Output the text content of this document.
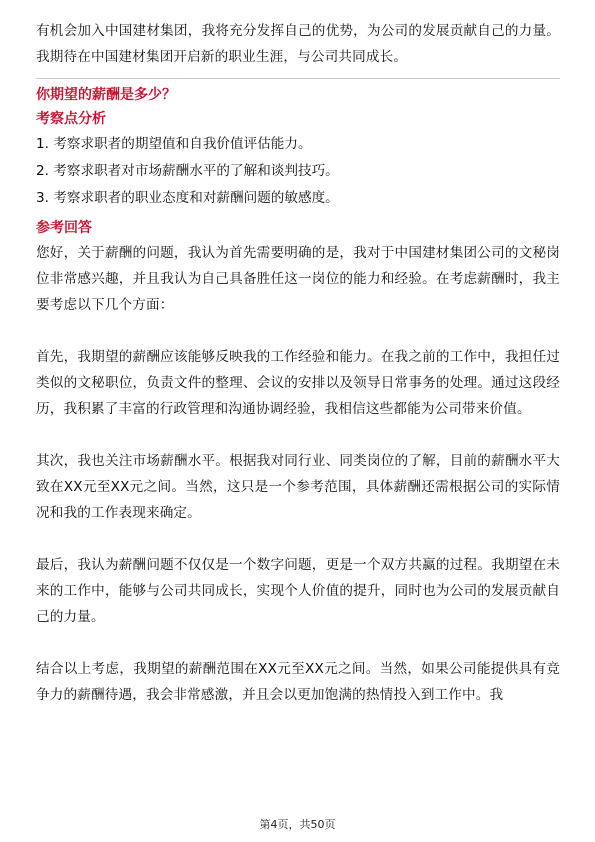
有机会加入中国建材集团，我将充分发挥自己的优势，为公司的发展贡献自己的力量。我期待在中国建材集团开启新的职业生涯，与公司共同成长。

你期望的薪酬是多少？

考察点分析

1. 考察求职者的期望值和自我价值评估能力。
2. 考察求职者对市场薪酬水平的了解和谈判技巧。
3. 考察求职者的职业态度和对薪酬问题的敏感度。

参考回答

您好，关于薪酬的问题，我认为首先需要明确的是，我对于中国建材集团公司的文秘岗位非常感兴趣，并且我认为自己具备胜任这一岗位的能力和经验。在考虑薪酬时，我主要考虑以下几个方面：

首先，我期望的薪酬应该能够反映我的工作经验和能力。在我之前的工作中，我担任过类似的文秘职位，负责文件的整理、会议的安排以及领导日常事务的处理。通过这段经历，我积累了丰富的行政管理和沟通协调经验，我相信这些都能为公司带来价值。

其次，我也关注市场薪酬水平。根据我对同行业、同类岗位的了解，目前的薪酬水平大致在XX元至XX元之间。当然，这只是一个参考范围，具体薪酬还需根据公司的实际情况和我的工作表现来确定。

最后，我认为薪酬问题不仅仅是一个数字问题，更是一个双方共赢的过程。我期望在未来的工作中，能够与公司共同成长，实现个人价值的提升，同时也为公司的发展贡献自己的力量。

结合以上考虑，我期望的薪酬范围在XX元至XX元之间。当然，如果公司能提供具有竞争力的薪酬待遇，我会非常感激，并且会以更加饱满的热情投入到工作中。我

第4页，共50页
